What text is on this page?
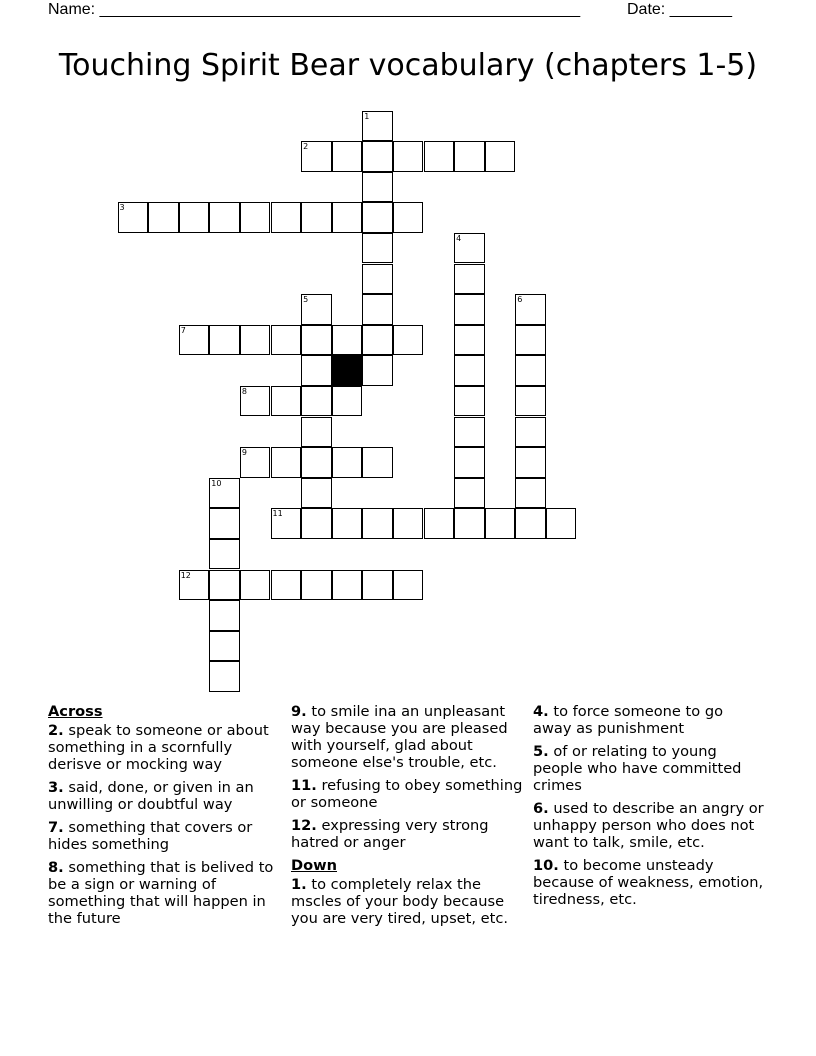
Name: ______________________________________________________	Date: _______
Touching Spirit Bear vocabulary (chapters 1-5)
2
3
7
8
9
11
12
1
4
5	6
10
Across
2. speak to someone or about something in a scornfully derisve or mocking way
3. said, done, or given in an unwilling or doubtful way
7. something that covers or hides something
8. something that is belived to be a sign or warning of something that will happen in the future
9. to smile ina an unpleasant way because you are pleased with yourself, glad about someone else's trouble, etc.
11. refusing to obey something or someone
12. expressing very strong hatred or anger
Down
1. to completely relax the mscles of your body because you are very tired, upset, etc.
4. to force someone to go away as punishment
5. of or relating to young people who have committed crimes
6. used to describe an angry or unhappy person who does not want to talk, smile, etc.
10. to become unsteady because of weakness, emotion, tiredness, etc.
